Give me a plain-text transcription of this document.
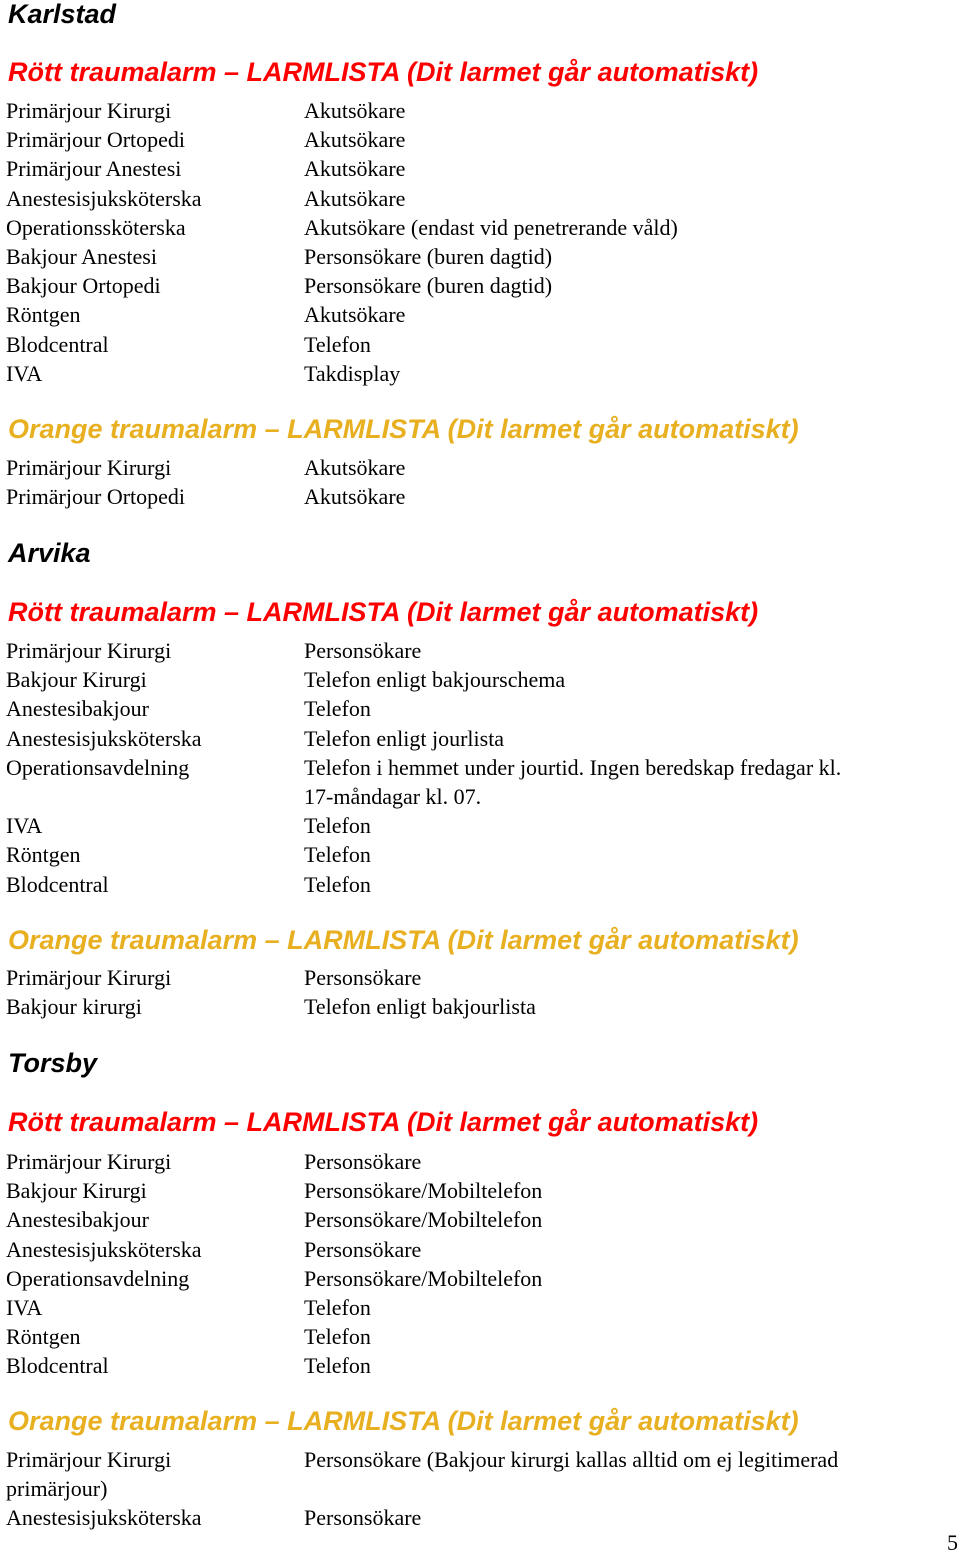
Karlstad
Rött traumalarm – LARMLISTA (Dit larmet går automatiskt)
Primärjour Kirurgi	Akutsökare
Primärjour Ortopedi	Akutsökare
Primärjour Anestesi	Akutsökare
Anestesisjuksköterska	Akutsökare
Operationssköterska	Akutsökare (endast vid penetrerande våld)
Bakjour Anestesi	Personsökare (buren dagtid)
Bakjour Ortopedi	Personsökare (buren dagtid)
Röntgen	Akutsökare
Blodcentral	Telefon
IVA	Takdisplay
Orange traumalarm – LARMLISTA (Dit larmet går automatiskt)
Primärjour Kirurgi	Akutsökare
Primärjour Ortopedi	Akutsökare
Arvika
Rött traumalarm – LARMLISTA (Dit larmet går automatiskt)
Primärjour Kirurgi	Personsökare
Bakjour Kirurgi	Telefon enligt bakjourschema
Anestesibakjour	Telefon
Anestesisjuksköterska	Telefon enligt jourlista
Operationsavdelning	Telefon i hemmet under jourtid. Ingen beredskap fredagar kl.
17-måndagar kl. 07.
IVA	Telefon
Röntgen	Telefon
Blodcentral	Telefon
Orange traumalarm – LARMLISTA (Dit larmet går automatiskt)
Primärjour Kirurgi	Personsökare
Bakjour kirurgi	Telefon enligt bakjourlista
Torsby
Rött traumalarm – LARMLISTA (Dit larmet går automatiskt)
Primärjour Kirurgi	Personsökare
Bakjour Kirurgi	Personsökare/Mobiltelefon
Anestesibakjour	Personsökare/Mobiltelefon
Anestesisjuksköterska	Personsökare
Operationsavdelning	Personsökare/Mobiltelefon
IVA	Telefon
Röntgen	Telefon
Blodcentral	Telefon
Orange traumalarm – LARMLISTA (Dit larmet går automatiskt)
Primärjour Kirurgi	Personsökare (Bakjour kirurgi kallas alltid om ej legitimerad
primärjour)
Anestesisjuksköterska	Personsökare
5
